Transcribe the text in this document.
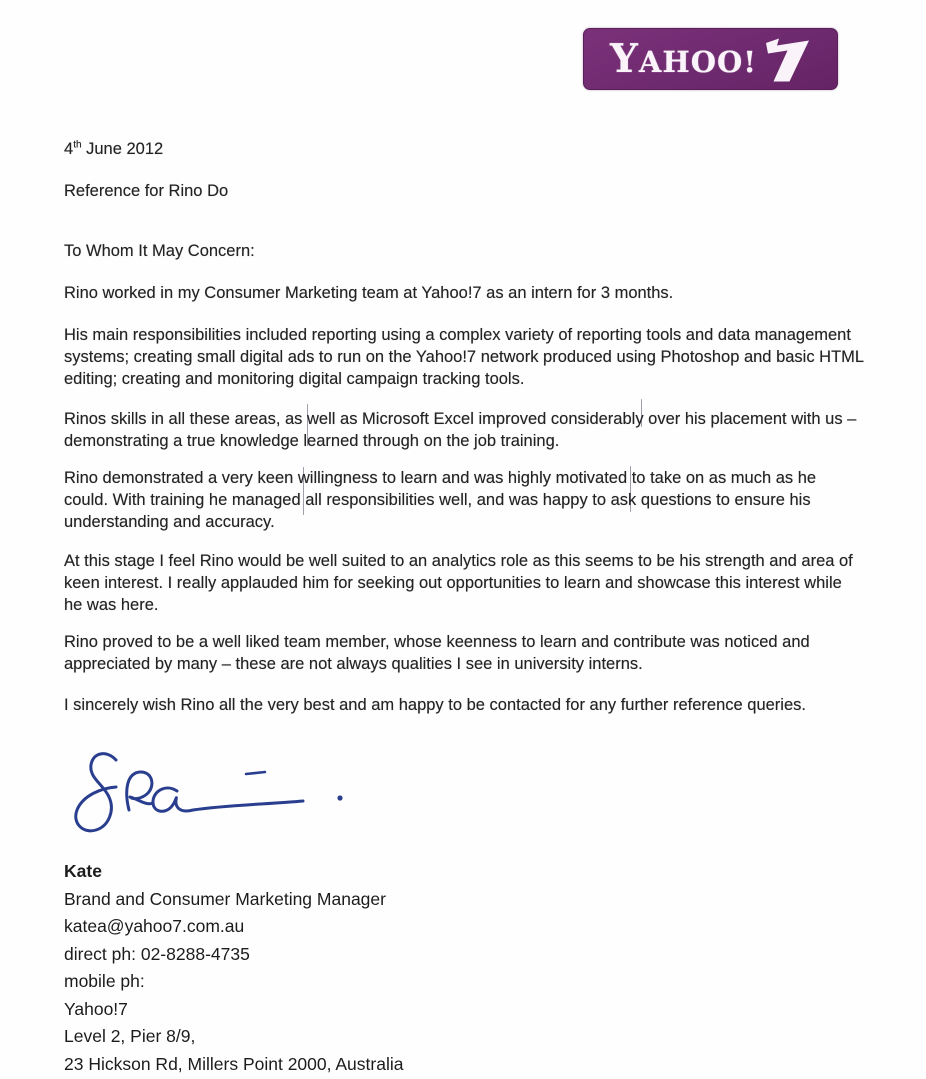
YAHOO!
4th June 2012
Reference for Rino Do
To Whom It May Concern:

Rino worked in my Consumer Marketing team at Yahoo!7 as an intern for 3 months.

His main responsibilities included reporting using a complex variety of reporting tools and data management systems; creating small digital ads to run on the Yahoo!7 network produced using Photoshop and basic HTML editing; creating and monitoring digital campaign tracking tools.

Rinos skills in all these areas, as well as Microsoft Excel improved considerably over his placement with us – demonstrating a true knowledge learned through on the job training.

Rino demonstrated a very keen willingness to learn and was highly motivated to take on as much as he could. With training he managed all responsibilities well, and was happy to ask questions to ensure his understanding and accuracy.

At this stage I feel Rino would be well suited to an analytics role as this seems to be his strength and area of keen interest. I really applauded him for seeking out opportunities to learn and showcase this interest while he was here.

Rino proved to be a well liked team member, whose keenness to learn and contribute was noticed and appreciated by many – these are not always qualities I see in university interns.

I sincerely wish Rino all the very best and am happy to be contacted for any further reference queries.

Kate
Brand and Consumer Marketing Manager
katea@yahoo7.com.au
direct ph: 02-8288-4735
mobile ph:
Yahoo!7
Level 2, Pier 8/9,
23 Hickson Rd, Millers Point 2000, Australia
